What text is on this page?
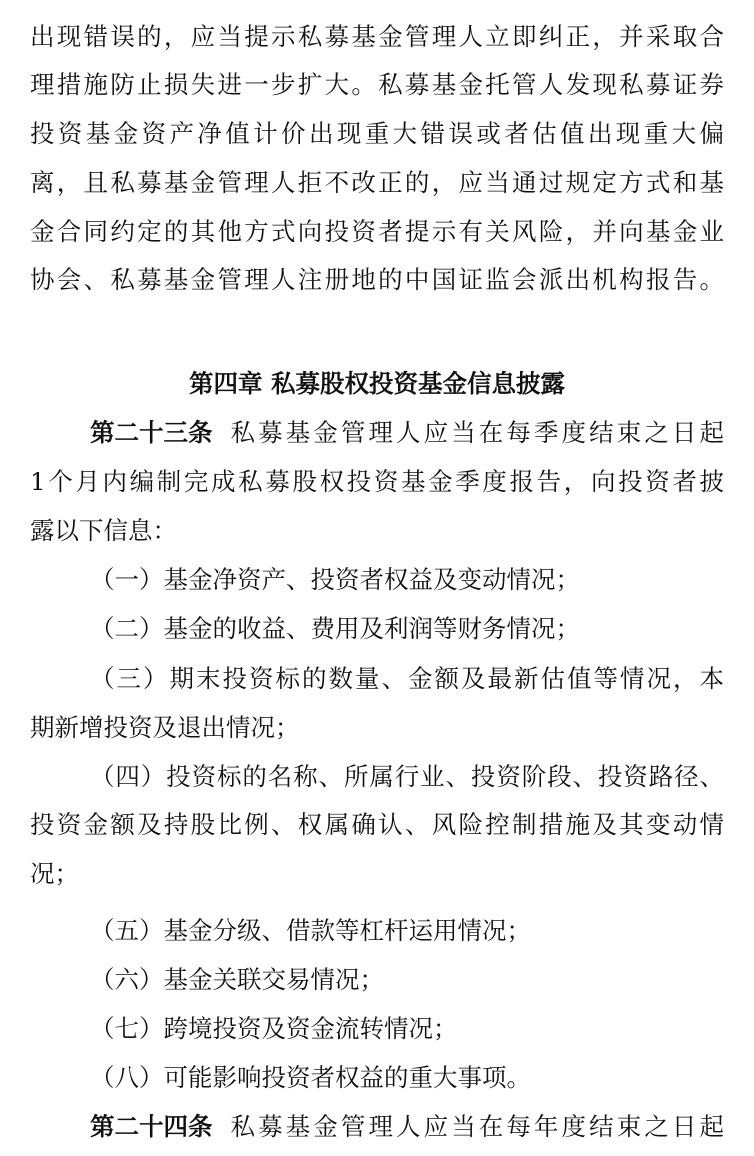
出现错误的，应当提示私募基金管理人立即纠正，并采取合
理措施防止损失进一步扩大。私募基金托管人发现私募证券
投资基金资产净值计价出现重大错误或者估值出现重大偏
离，且私募基金管理人拒不改正的，应当通过规定方式和基
金合同约定的其他方式向投资者提示有关风险，并向基金业
协会、私募基金管理人注册地的中国证监会派出机构报告。
第四章 私募股权投资基金信息披露
第二十三条 私募基金管理人应当在每季度结束之日起
1个月内编制完成私募股权投资基金季度报告，向投资者披
露以下信息：
（一）基金净资产、投资者权益及变动情况；
（二）基金的收益、费用及利润等财务情况；
（三）期末投资标的数量、金额及最新估值等情况，本
期新增投资及退出情况；
（四）投资标的名称、所属行业、投资阶段、投资路径、
投资金额及持股比例、权属确认、风险控制措施及其变动情
况；
（五）基金分级、借款等杠杆运用情况；
（六）基金关联交易情况；
（七）跨境投资及资金流转情况；
（八）可能影响投资者权益的重大事项。
第二十四条 私募基金管理人应当在每年度结束之日起
